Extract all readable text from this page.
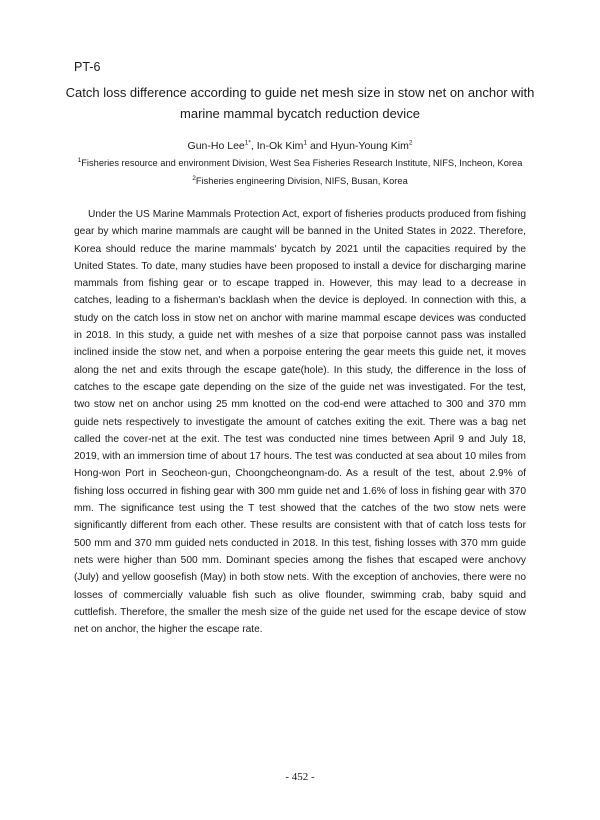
PT-6
Catch loss difference according to guide net mesh size in stow net on anchor with marine mammal bycatch reduction device
Gun-Ho Lee$^{1*}$, In-Ok Kim$^1$ and Hyun-Young Kim$^2$
$^1$Fisheries resource and environment Division, West Sea Fisheries Research Institute, NIFS, Incheon, Korea
$^2$Fisheries engineering Division, NIFS, Busan, Korea

Under the US Marine Mammals Protection Act, export of fisheries products produced from fishing gear by which marine mammals are caught will be banned in the United States in 2022. Therefore, Korea should reduce the marine mammals' bycatch by 2021 until the capacities required by the United States. To date, many studies have been proposed to install a device for discharging marine mammals from fishing gear or to escape trapped in. However, this may lead to a decrease in catches, leading to a fisherman's backlash when the device is deployed. In connection with this, a study on the catch loss in stow net on anchor with marine mammal escape devices was conducted in 2018. In this study, a guide net with meshes of a size that porpoise cannot pass was installed inclined inside the stow net, and when a porpoise entering the gear meets this guide net, it moves along the net and exits through the escape gate(hole). In this study, the difference in the loss of catches to the escape gate depending on the size of the guide net was investigated. For the test, two stow net on anchor using 25 mm knotted on the cod-end were attached to 300 and 370 mm guide nets respectively to investigate the amount of catches exiting the exit. There was a bag net called the cover-net at the exit. The test was conducted nine times between April 9 and July 18, 2019, with an immersion time of about 17 hours. The test was conducted at sea about 10 miles from Hong-won Port in Seocheon-gun, Choongcheongnam-do. As a result of the test, about 2.9% of fishing loss occurred in fishing gear with 300 mm guide net and 1.6% of loss in fishing gear with 370 mm. The significance test using the T test showed that the catches of the two stow nets were significantly different from each other. These results are consistent with that of catch loss tests for 500 mm and 370 mm guided nets conducted in 2018. In this test, fishing losses with 370 mm guide nets were higher than 500 mm. Dominant species among the fishes that escaped were anchovy (July) and yellow goosefish (May) in both stow nets. With the exception of anchovies, there were no losses of commercially valuable fish such as olive flounder, swimming crab, baby squid and cuttlefish. Therefore, the smaller the mesh size of the guide net used for the escape device of stow net on anchor, the higher the escape rate.

- 452 -
